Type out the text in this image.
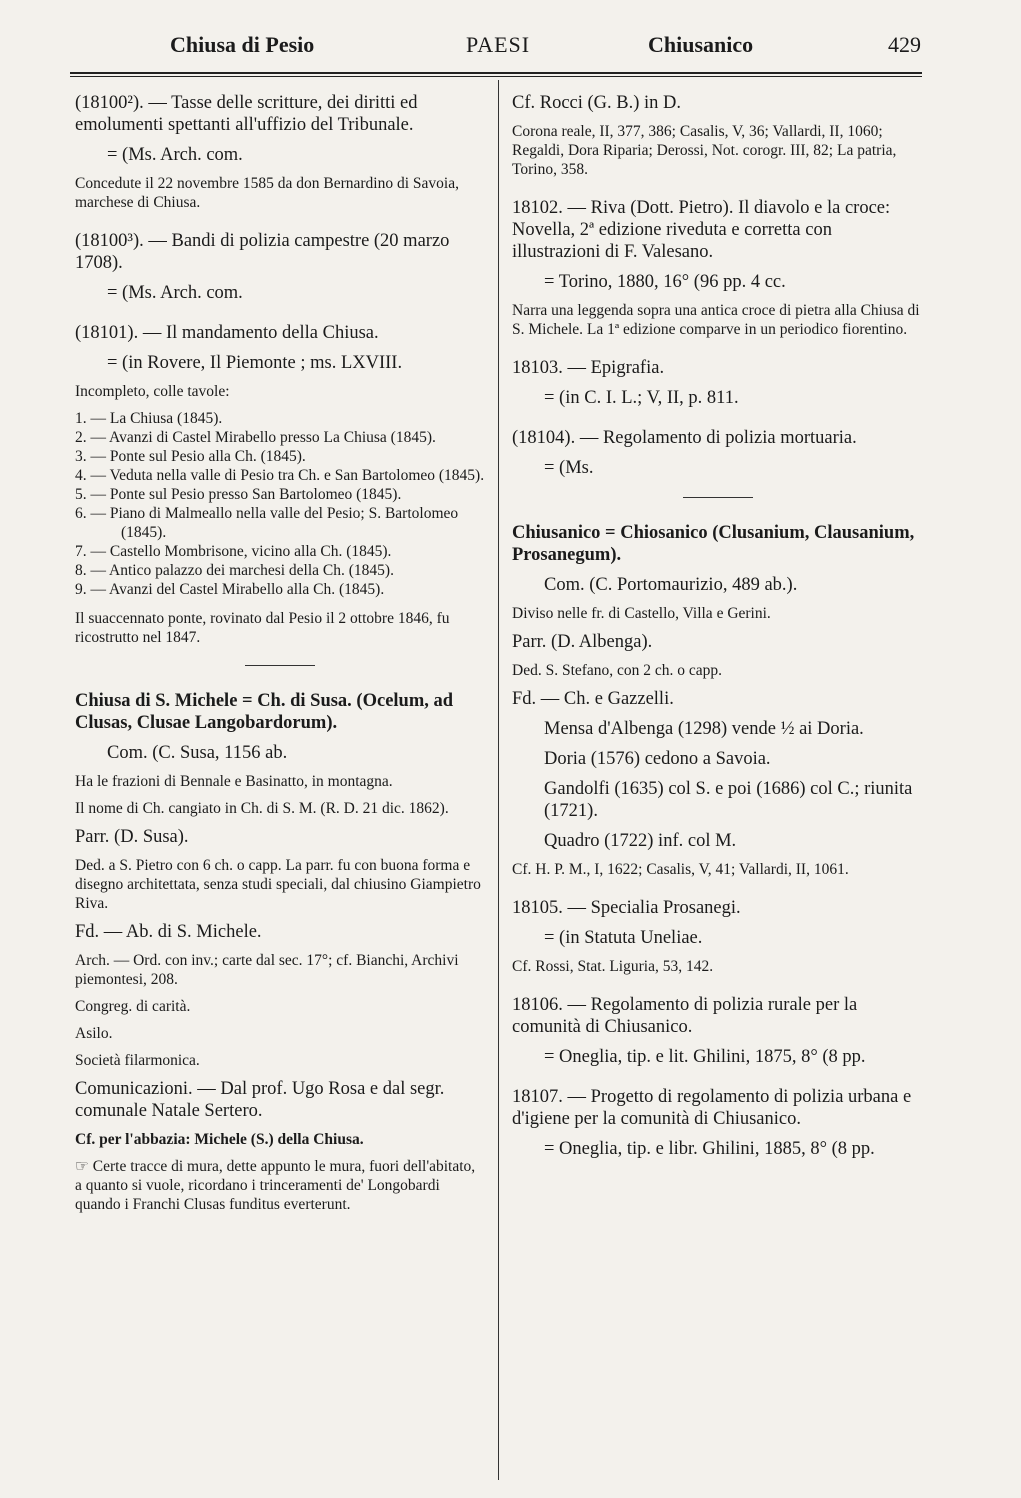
Chiusa di Pesio	PAESI	Chiusanico	429
(18100²). — Tasse delle scritture, dei diritti ed emolumenti spettanti all'uffizio del Tribunale.
= (Ms. Arch. com.
Concedute il 22 novembre 1585 da don Bernardino di Savoia, marchese di Chiusa.
(18100³). — Bandi di polizia campestre (20 marzo 1708).
= (Ms. Arch. com.
(18101). — Il mandamento della Chiusa.
= (in Rovere, Il Piemonte ; ms. LXVIII.
Incompleto, colle tavole:
1. — La Chiusa (1845).
2. — Avanzi di Castel Mirabello presso La Chiusa (1845).
3. — Ponte sul Pesio alla Ch. (1845).
4. — Veduta nella valle di Pesio tra Ch. e San Bartolomeo (1845).
5. — Ponte sul Pesio presso San Bartolomeo (1845).
6. — Piano di Malmeallo nella valle del Pesio; S. Bartolomeo (1845).
7. — Castello Mombrisone, vicino alla Ch. (1845).
8. — Antico palazzo dei marchesi della Ch. (1845).
9. — Avanzi del Castel Mirabello alla Ch. (1845).
Il suaccennato ponte, rovinato dal Pesio il 2 ottobre 1846, fu ricostrutto nel 1847.
Chiusa di S. Michele = Ch. di Susa. (Ocelum, ad Clusas, Clusae Langobardorum).
Com. (C. Susa, 1156 ab.
Ha le frazioni di Bennale e Basinatto, in montagna.
Il nome di Ch. cangiato in Ch. di S. M. (R. D. 21 dic. 1862).
Parr. (D. Susa).
Ded. a S. Pietro con 6 ch. o capp. La parr. fu con buona forma e disegno architettata, senza studi speciali, dal chiusino Giampietro Riva.
Fd. — Ab. di S. Michele.
Arch. — Ord. con inv.; carte dal sec. 17°; cf. Bianchi, Archivi piemontesi, 208.
Congreg. di carità.
Asilo.
Società filarmonica.
Comunicazioni. — Dal prof. Ugo Rosa e dal segr. comunale Natale Sertero.
Cf. per l'abbazia: Michele (S.) della Chiusa.
☞ Certe tracce di mura, dette appunto le mura, fuori dell'abitato, a quanto si vuole, ricordano i trinceramenti de' Longobardi quando i Franchi Clusas funditus everterunt.
Cf. Rocci (G. B.) in D.
Corona reale, II, 377, 386; Casalis, V, 36; Vallardi, II, 1060; Regaldi, Dora Riparia; Derossi, Not. corogr. III, 82; La patria, Torino, 358.
18102. — Riva (Dott. Pietro). Il diavolo e la croce: Novella, 2ª edizione riveduta e corretta con illustrazioni di F. Valesano.
= Torino, 1880, 16° (96 pp. 4 cc.
Narra una leggenda sopra una antica croce di pietra alla Chiusa di S. Michele. La 1ª edizione comparve in un periodico fiorentino.
18103. — Epigrafia.
= (in C. I. L.; V, II, p. 811.
(18104). — Regolamento di polizia mortuaria.
= (Ms.
Chiusanico = Chiosanico (Clusanium, Clausanium, Prosanegum).
Com. (C. Portomaurizio, 489 ab.).
Diviso nelle fr. di Castello, Villa e Gerini.
Parr. (D. Albenga).
Ded. S. Stefano, con 2 ch. o capp.
Fd. — Ch. e Gazzelli.
Mensa d'Albenga (1298) vende ½ ai Doria.
Doria (1576) cedono a Savoia.
Gandolfi (1635) col S. e poi (1686) col C.; riunita (1721).
Quadro (1722) inf. col M.
Cf. H. P. M., I, 1622; Casalis, V, 41; Vallardi, II, 1061.
18105. — Specialia Prosanegi.
= (in Statuta Uneliae.
Cf. Rossi, Stat. Liguria, 53, 142.
18106. — Regolamento di polizia rurale per la comunità di Chiusanico.
= Oneglia, tip. e lit. Ghilini, 1875, 8° (8 pp.
18107. — Progetto di regolamento di polizia urbana e d'igiene per la comunità di Chiusanico.
= Oneglia, tip. e libr. Ghilini, 1885, 8° (8 pp.
